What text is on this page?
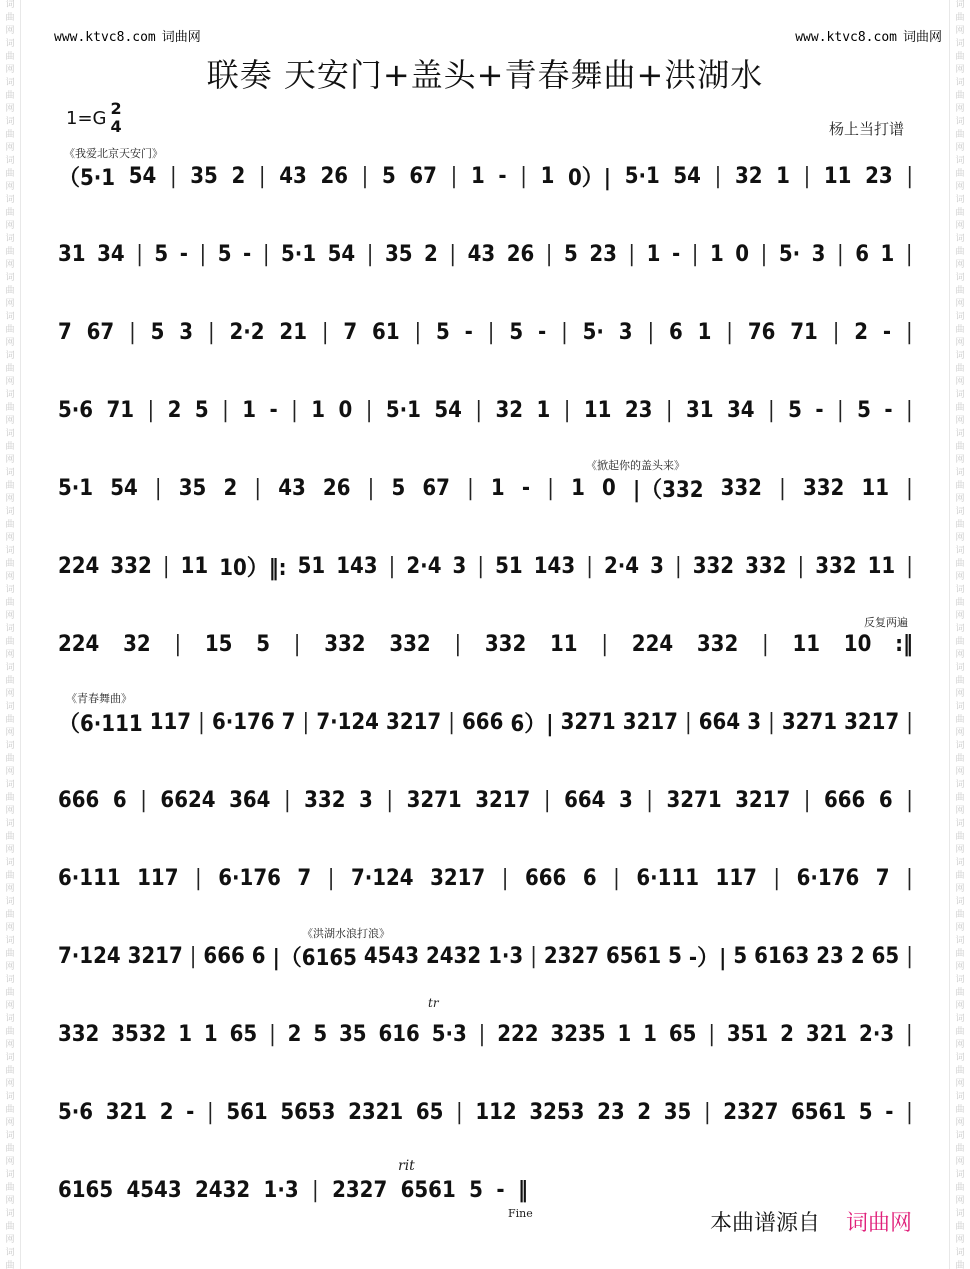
词
曲
网
词
曲
网
词
曲
网
词
曲
网
词
曲
网
词
曲
网
词
曲
网
词
曲
网
词
曲
网
词
曲
网
词
曲
网
词
曲
网
词
曲
网
词
曲
网
词
曲
网
词
曲
网
词
曲
网
词
曲
网
词
曲
网
词
曲
网
词
曲
网
词
曲
网
词
曲
网
词
曲
网
词
曲
网
词
曲
网
词
曲
网
词
曲
网
词
曲
网
词
曲
网
词
曲
网
词
曲
网
词
曲
词
曲
网
词
曲
网
词
曲
网
词
曲
网
词
曲
网
词
曲
网
词
曲
网
词
曲
网
词
曲
网
词
曲
网
词
曲
网
词
曲
网
词
曲
网
词
曲
网
词
曲
网
词
曲
网
词
曲
网
词
曲
网
词
曲
网
词
曲
网
词
曲
网
词
曲
网
词
曲
网
词
曲
网
词
曲
网
词
曲
网
词
曲
网
词
曲
网
词
曲
网
词
曲
网
词
曲
网
词
曲
网
词
曲
www.ktvc8.com 词曲网	www.ktvc8.com 词曲网
联奏 天安门+盖头+青春舞曲+洪湖水
1=G 2
4	杨上当打谱
《我爱北京天安门》
《掀起你的盖头来》
《青春舞曲》
《洪湖水浪打浪》
反复两遍
tr
rit
Fine
（5·1 54 | 35 2 | 43 26 | 5 67 | 1 - | 1 0）| 5·1 54 | 32 1 | 11 23 |
31 34 | 5 - | 5 - | 5·1 54 | 35 2 | 43 26 | 5 23 | 1 - | 1 0 | 5· 3 | 6 1 |
7 67 | 5 3 | 2·2 21 | 7 61 | 5 - | 5 - | 5· 3 | 6 1 | 76 71 | 2 - |
5·6 71 | 2 5 | 1 - | 1 0 | 5·1 54 | 32 1 | 11 23 | 31 34 | 5 - | 5 - |
5·1 54 | 35 2 | 43 26 | 5 67 | 1 - | 1 0 |（332 332 | 332 11 |
224 332 | 11 10）‖: 51 143 | 2·4 3 | 51 143 | 2·4 3 | 332 332 | 332 11 |
224 32 | 15 5 | 332 332 | 332 11 | 224 332 | 11 10 :‖
（6·111 117 | 6·176 7 | 7·124 3217 | 666 6）| 3271 3217 | 664 3 | 3271 3217 |
666 6 | 6624 364 | 332 3 | 3271 3217 | 664 3 | 3271 3217 | 666 6 |
6·111 117 | 6·176 7 | 7·124 3217 | 666 6 | 6·111 117 | 6·176 7 |
7·124 3217 | 666 6 |（6165 4543 2432 1·3 | 2327 6561 5 -）| 5 6163 23 2 65 |
332 3532 1 1 65 | 2 5 35 616 5·3 | 222 3235 1 1 65 | 351 2 321 2·3 |
5·6 321 2 - | 561 5653 2321 65 | 112 3253 23 2 35 | 2327 6561 5 - |
6165 4543 2432 1·3 | 2327 6561 5 - ‖
本曲谱源自 词曲网
